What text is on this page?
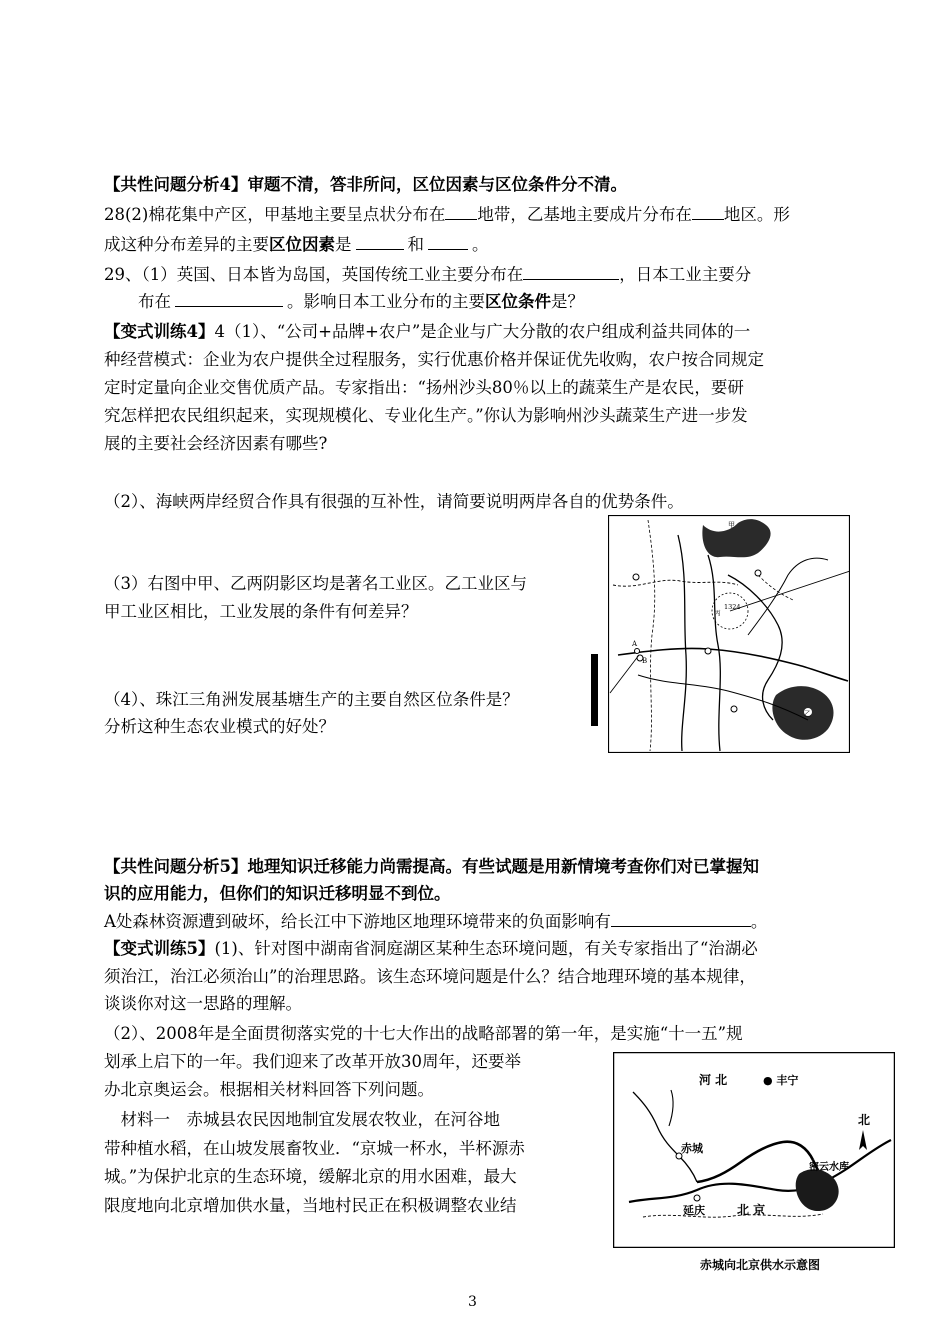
【共性问题分析4】审题不清，答非所问，区位因素与区位条件分不清。
28(2)棉花集中产区，甲基地主要呈点状分布在 地带，乙基地主要成片分布在 地区。形
成这种分布差异的主要区位因素是	和	。
29、（1）英国、日本皆为岛国，英国传统工业主要分布在	，日本工业主要分
布在	。影响日本工业分布的主要区位条件是？
【变式训练4】4（1）、“公司+品牌+农户”是企业与广大分散的农户组成利益共同体的一
种经营模式：企业为农户提供全过程服务，实行优惠价格并保证优先收购，农户按合同规定
定时定量向企业交售优质产品。专家指出：“扬州沙头80％以上的蔬菜生产是农民，要研
究怎样把农民组织起来，实现规模化、专业化生产。”你认为影响州沙头蔬菜生产进一步发
展的主要社会经济因素有哪些?
（2）、海峡两岸经贸合作具有很强的互补性，请简要说明两岸各自的优势条件。
（3）右图中甲、乙两阴影区均是著名工业区。乙工业区与
甲工业区相比，工业发展的条件有何差异？
（4）、珠江三角洲发展基塘生产的主要自然区位条件是？
分析这种生态农业模式的好处？
甲
乙
丙
1324
A
B
【共性问题分析5】地理知识迁移能力尚需提高。有些试题是用新情境考查你们对已掌握知
识的应用能力，但你们的知识迁移明显不到位。
A处森林资源遭到破坏，给长江中下游地区地理环境带来的负面影响有	。
【变式训练5】(1)、针对图中湖南省洞庭湖区某种生态环境问题，有关专家指出了“治湖必
须治江，治江必须治山”的治理思路。该生态环境问题是什么？结合地理环境的基本规律，
谈谈你对这一思路的理解。
（2）、2008年是全面贯彻落实党的十七大作出的战略部署的第一年，是实施“十一五”规
划承上启下的一年。我们迎来了改革开放30周年，还要举
办北京奥运会。根据相关材料回答下列问题。
　材料一　赤城县农民因地制宜发展农牧业，在河谷地
带种植水稻，在山坡发展畜牧业．“京城一杯水，半杯源赤
城。”为保护北京的生态环境，缓解北京的用水困难，最大
限度地向北京增加供水量，当地村民正在积极调整农业结
河 北	● 丰宁
北
赤城
延庆	北 京
密云水库
赤城向北京供水示意图
3
